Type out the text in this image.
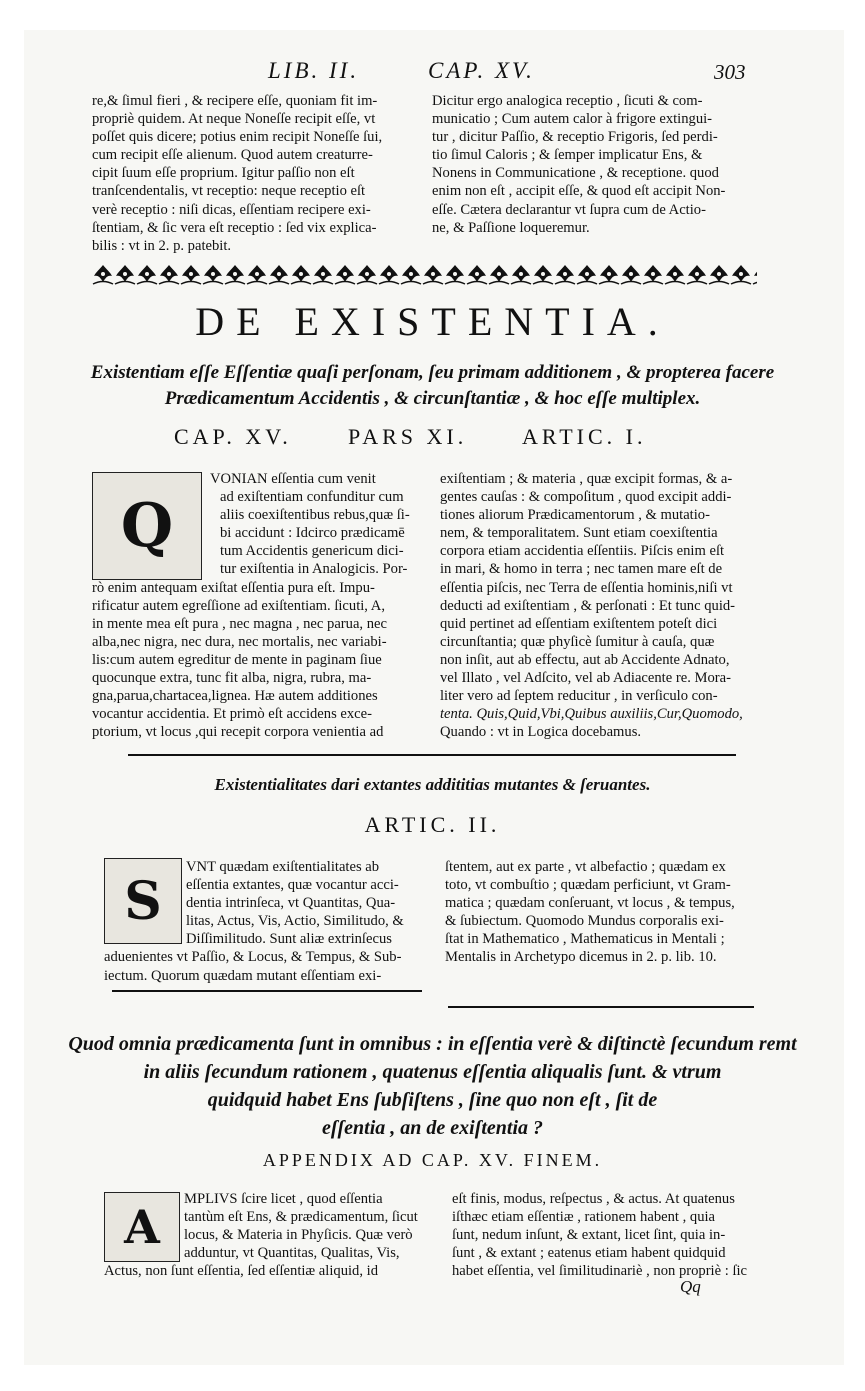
LIB. II.	CAP. XV.	303

re,& ſimul fieri , & recipere eſſe, quoniam fit im-

propriè quidem. At neque Noneſſe recipit eſſe, vt

poſſet quis dicere; potius enim recipit Noneſſe ſui,

cum recipit eſſe alienum. Quod autem creaturre-

cipit ſuum eſſe proprium. Igitur paſſio non eſt

tranſcendentalis, vt receptio: neque receptio eſt

verè receptio : niſi dicas, eſſentiam recipere exi-

ſtentiam, & ſic vera eſt receptio : ſed vix explica-

bilis : vt in 2. p. patebit.

Dicitur ergo analogica receptio , ſicuti & com-

municatio ; Cum autem calor à frigore extingui-

tur , dicitur Paſſio, & receptio Frigoris, ſed perdi-

tio ſimul Caloris ; & ſemper implicatur Ens, &

Nonens in Communicatione , & receptione. quod

enim non eſt , accipit eſſe, & quod eſt accipit Non-

eſſe. Cætera declarantur vt ſupra cum de Actio-

ne, & Paſſione loqueremur.

DE EXISTENTIA.
Existentiam eſſe Eſſentiæ quaſi perſonam, ſeu primam additionem , & propterea facere
Prædicamentum Accidentis , & circunſtantiæ , & hoc eſſe multiplex.
CAP. XV.	PARS XI. ARTIC. I.
Q

VONIAN eſſentia cum venit

ad exiſtentiam confunditur cum

aliis coexiſtentibus rebus,quæ ſi-

bi accidunt : Idcirco prædicamē

tum Accidentis genericum dici-

tur exiſtentia in Analogicis. Por-

rò enim antequam exiſtat eſſentia pura eſt. Impu-

rificatur autem egreſſione ad exiſtentiam. ſicuti, A,

in mente mea eſt pura , nec magna , nec parua, nec

alba,nec nigra, nec dura, nec mortalis, nec variabi-

lis:cum autem egreditur de mente in paginam ſiue

quocunque extra, tunc fit alba, nigra, rubra, ma-

gna,parua,chartacea,lignea. Hæ autem additiones

vocantur accidentia. Et primò eſt accidens exce-

ptorium, vt locus ,qui recepit corpora venientia ad

exiſtentiam ; & materia , quæ excipit formas, & a-

gentes cauſas : & compoſitum , quod excipit addi-

tiones aliorum Prædicamentorum , & mutatio-

nem, & temporalitatem. Sunt etiam coexiſtentia

corpora etiam accidentia eſſentiis. Piſcis enim eſt

in mari, & homo in terra ; nec tamen mare eſt de

eſſentia piſcis, nec Terra de eſſentia hominis,niſi vt

deducti ad exiſtentiam , & perſonati : Et tunc quid-

quid pertinet ad eſſentiam exiſtentem poteſt dici

circunſtantia; quæ phyſicè ſumitur à cauſa, quæ

non inſit, aut ab effectu, aut ab Accidente Adnato,

vel Illato , vel Adſcito, vel ab Adiacente re. Mora-

liter vero ad ſeptem reducitur , in verſiculo con-

tenta. Quis,Quid,Vbi,Quibus auxiliis,Cur,Quomodo,

Quando : vt in Logica docebamus.

Existentialitates dari extantes addititias mutantes & ſeruantes.
ARTIC. II.
S

VNT quædam exiſtentialitates ab

eſſentia extantes, quæ vocantur acci-

dentia intrinſeca, vt Quantitas, Qua-

litas, Actus, Vis, Actio, Similitudo, &

Diſſimilitudo. Sunt aliæ extrinſecus

aduenientes vt Paſſio, & Locus, & Tempus, & Sub-

iectum. Quorum quædam mutant eſſentiam exi-

ſtentem, aut ex parte , vt albefactio ; quædam ex

toto, vt combuſtio ; quædam perficiunt, vt Gram-

matica ; quædam conſeruant, vt locus , & tempus,

& ſubiectum. Quomodo Mundus corporalis exi-

ſtat in Mathematico , Mathematicus in Mentali ;

Mentalis in Archetypo dicemus in 2. p. lib. 10.

Quod omnia prædicamenta ſunt in omnibus : in eſſentia verè & diſtinctè ſecundum remt
in aliis ſecundum rationem , quatenus eſſentia aliqualis ſunt. & vtrum
quidquid habet Ens ſubſiſtens , ſine quo non eſt , ſit de
eſſentia , an de exiſtentia ?
APPENDIX AD CAP. XV. FINEM.
A

MPLIVS ſcire licet , quod eſſentia

tantùm eſt Ens, & prædicamentum, ſicut

locus, & Materia in Phyſicis. Quæ verò

adduntur, vt Quantitas, Qualitas, Vis,

Actus, non ſunt eſſentia, ſed eſſentiæ aliquid, id

eſt finis, modus, reſpectus , & actus. At quatenus

iſthæc etiam eſſentiæ , rationem habent , quia

ſunt, nedum inſunt, & extant, licet ſint, quia in-

ſunt , & extant ; eatenus etiam habent quidquid

habet eſſentia, vel ſimilitudinariè , non propriè : ſic

Qq
